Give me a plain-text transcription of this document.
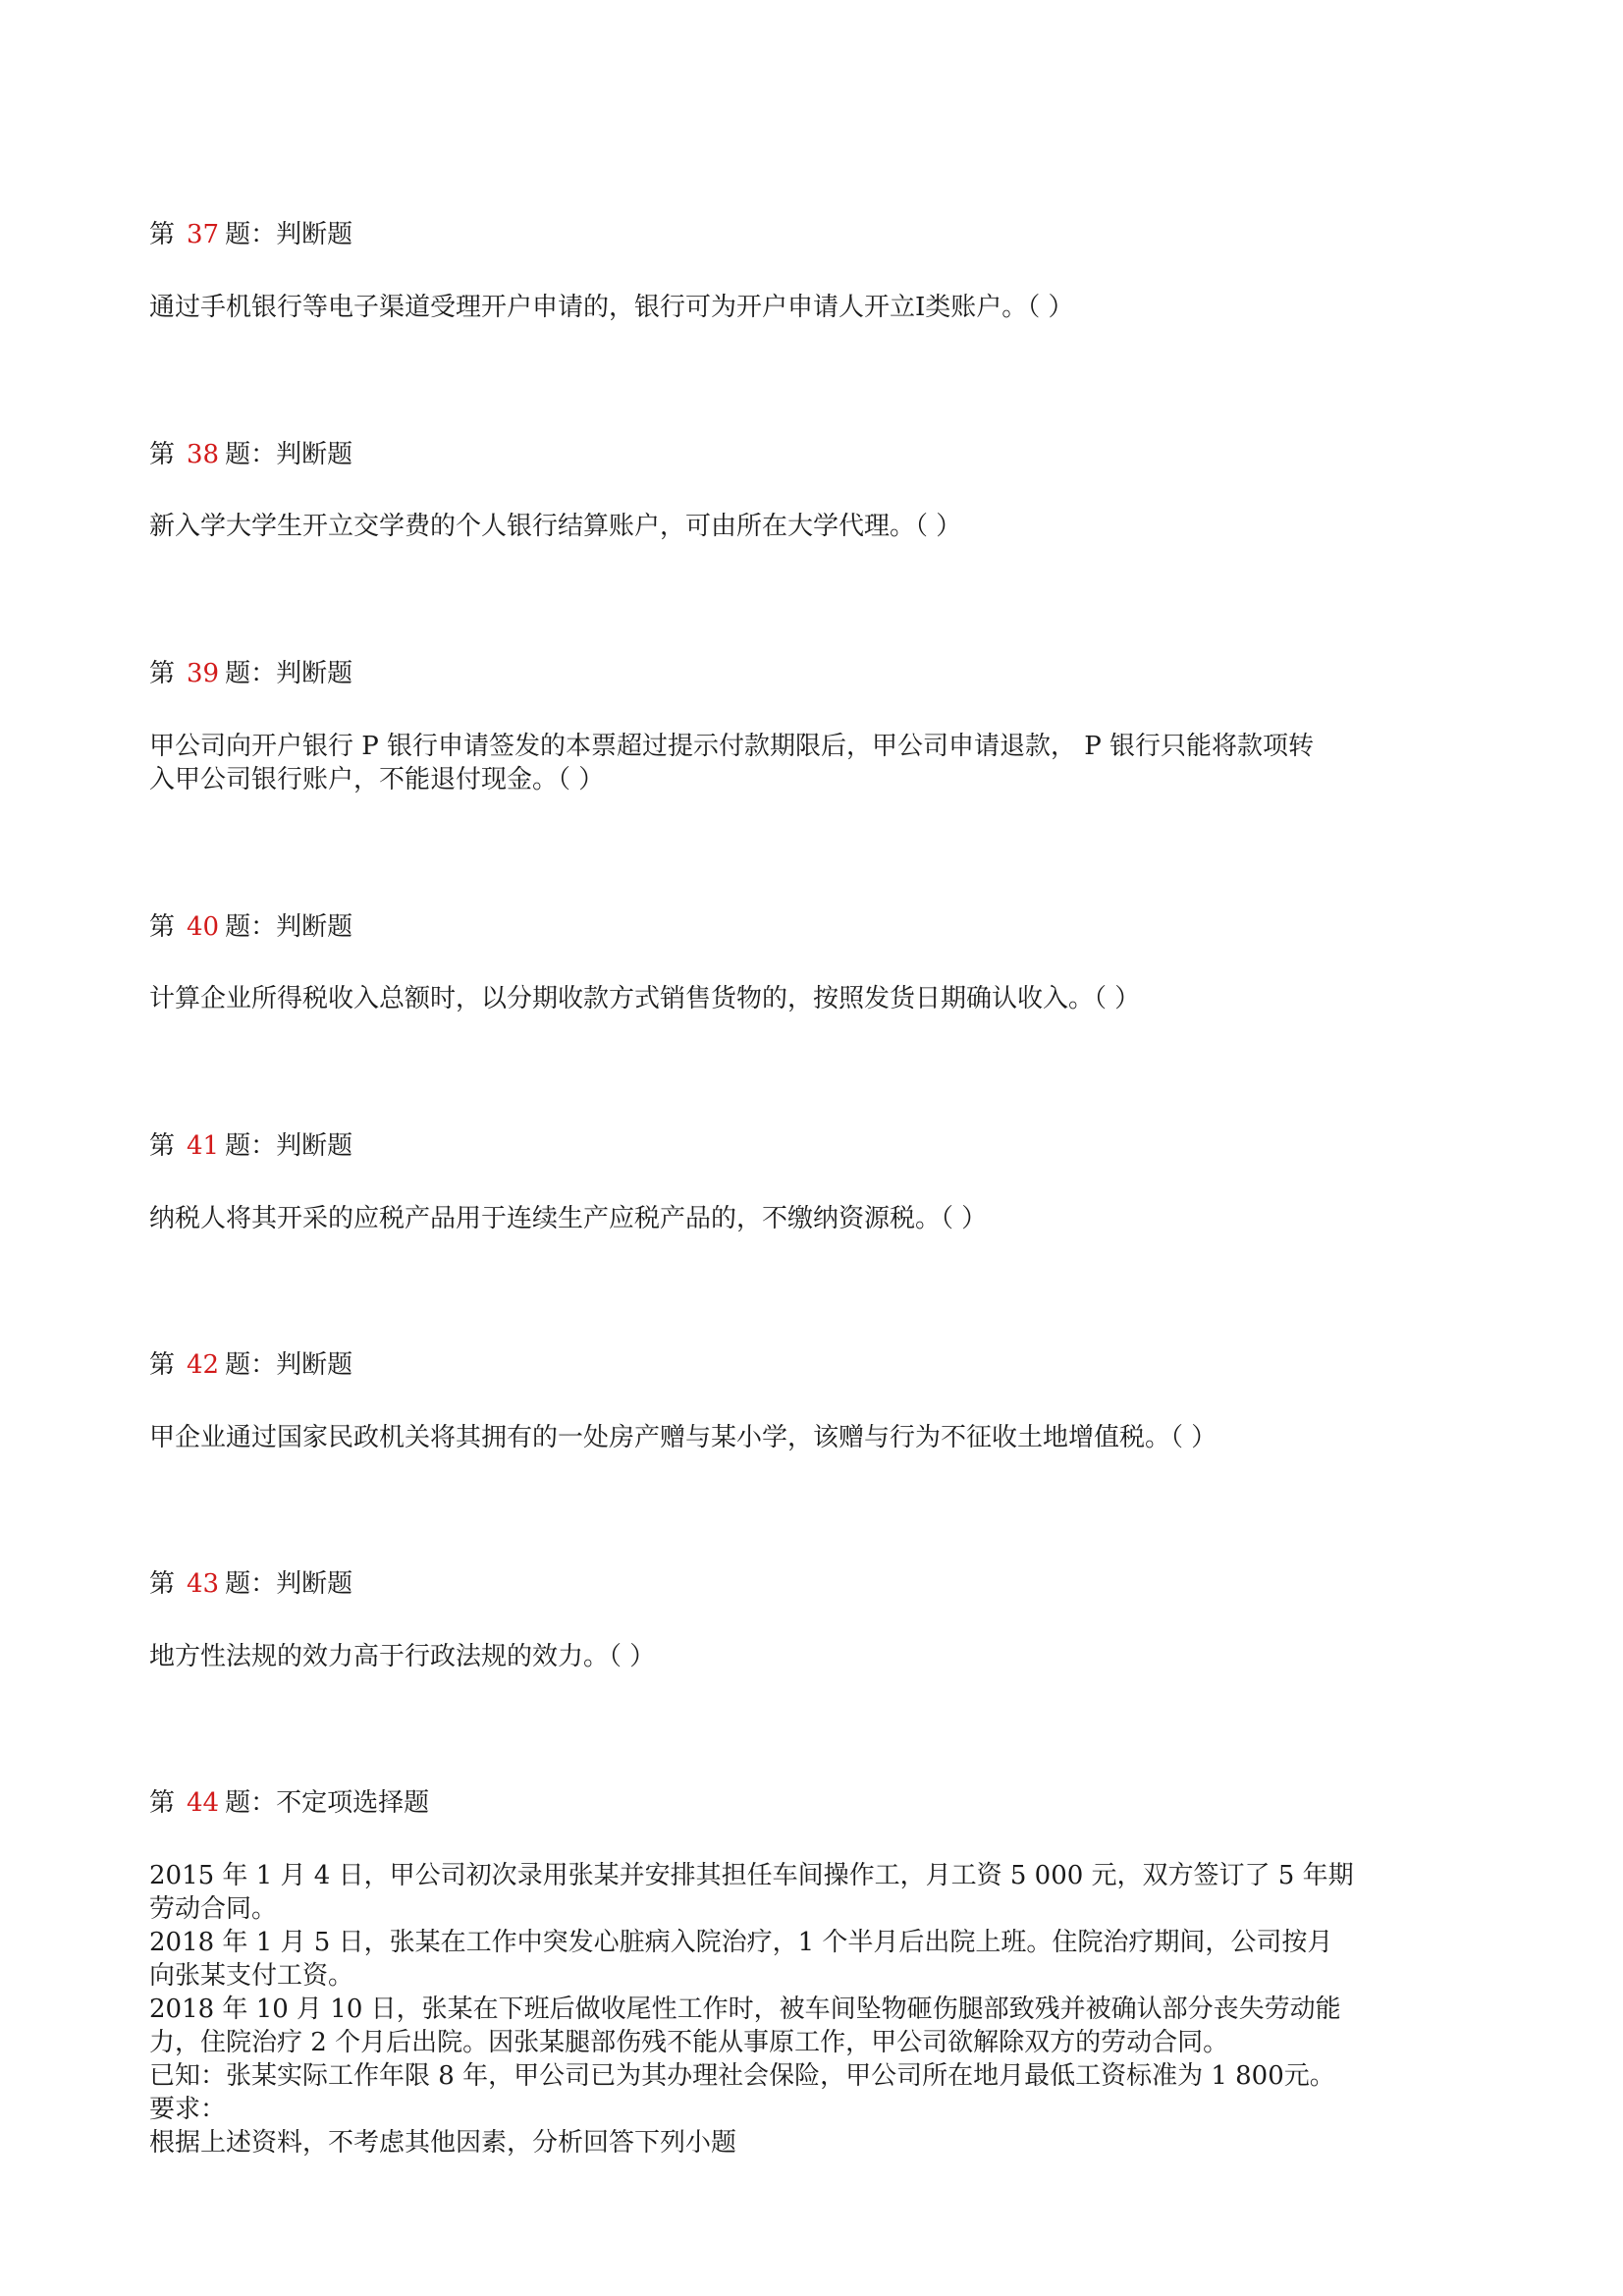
第 37 题：判断题

通过手机银行等电子渠道受理开户申请的，银行可为开户申请人开立Ⅰ类账户。（ ）

第 38 题：判断题

新入学大学生开立交学费的个人银行结算账户，可由所在大学代理。（ ）

第 39 题：判断题

甲公司向开户银行 P 银行申请签发的本票超过提示付款期限后，甲公司申请退款， P 银行只能将款项转

入甲公司银行账户，不能退付现金。（ ）

第 40 题：判断题

计算企业所得税收入总额时，以分期收款方式销售货物的，按照发货日期确认收入。（ ）

第 41 题：判断题

纳税人将其开采的应税产品用于连续生产应税产品的，不缴纳资源税。（ ）

第 42 题：判断题

甲企业通过国家民政机关将其拥有的一处房产赠与某小学，该赠与行为不征收土地增值税。（ ）

第 43 题：判断题

地方性法规的效力高于行政法规的效力。（ ）

第 44 题：不定项选择题

2015 年 1 月 4 日，甲公司初次录用张某并安排其担任车间操作工，月工资 5 000 元，双方签订了 5 年期

劳动合同。

2018 年 1 月 5 日，张某在工作中突发心脏病入院治疗，1 个半月后出院上班。住院治疗期间，公司按月

向张某支付工资。

2018 年 10 月 10 日，张某在下班后做收尾性工作时，被车间坠物砸伤腿部致残并被确认部分丧失劳动能

力，住院治疗 2 个月后出院。因张某腿部伤残不能从事原工作，甲公司欲解除双方的劳动合同。

已知：张某实际工作年限 8 年，甲公司已为其办理社会保险，甲公司所在地月最低工资标准为 1 800元。

要求：

根据上述资料，不考虑其他因素，分析回答下列小题
